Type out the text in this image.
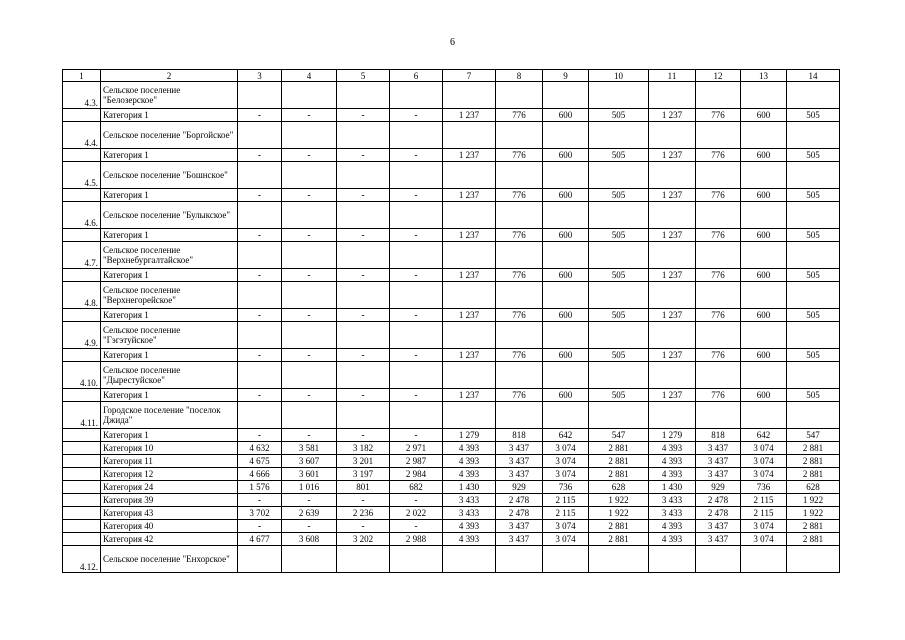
6
1	2	3	4	5	6	7	8	9	10	11	12	13	14
4.3.	Сельское поселение "Белозерское"												
	Категория 1	-	-	-	-	1 237	776	600	505	1 237	776	600	505
4.4.	Сельское поселение "Боргойское"												
	Категория 1	-	-	-	-	1 237	776	600	505	1 237	776	600	505
4.5.	Сельское поселение "Бошнское"												
	Категория 1	-	-	-	-	1 237	776	600	505	1 237	776	600	505
4.6.	Сельское поселение "Булыкское"												
	Категория 1	-	-	-	-	1 237	776	600	505	1 237	776	600	505
4.7.	Сельское поселение "Верхнебургалтайское"												
	Категория 1	-	-	-	-	1 237	776	600	505	1 237	776	600	505
4.8.	Сельское поселение "Верхнегорейское"												
	Категория 1	-	-	-	-	1 237	776	600	505	1 237	776	600	505
4.9.	Сельское поселение "Гэгэтуйское"												
	Категория 1	-	-	-	-	1 237	776	600	505	1 237	776	600	505
4.10.	Сельское поселение "Дырестуйское"												
	Категория 1	-	-	-	-	1 237	776	600	505	1 237	776	600	505
4.11.	Городское поселение "поселок Джида"												
	Категория 1	-	-	-	-	1 279	818	642	547	1 279	818	642	547
	Категория 10	4 632	3 581	3 182	2 971	4 393	3 437	3 074	2 881	4 393	3 437	3 074	2 881
	Категория 11	4 675	3 607	3 201	2 987	4 393	3 437	3 074	2 881	4 393	3 437	3 074	2 881
	Категория 12	4 666	3 601	3 197	2 984	4 393	3 437	3 074	2 881	4 393	3 437	3 074	2 881
	Категория 24	1 576	1 016	801	682	1 430	929	736	628	1 430	929	736	628
	Категория 39	-	-	-	-	3 433	2 478	2 115	1 922	3 433	2 478	2 115	1 922
	Категория 43	3 702	2 639	2 236	2 022	3 433	2 478	2 115	1 922	3 433	2 478	2 115	1 922
	Категория 40	-	-	-	-	4 393	3 437	3 074	2 881	4 393	3 437	3 074	2 881
	Категория 42	4 677	3 608	3 202	2 988	4 393	3 437	3 074	2 881	4 393	3 437	3 074	2 881
4.12.	Сельское поселение "Енхорское"												
